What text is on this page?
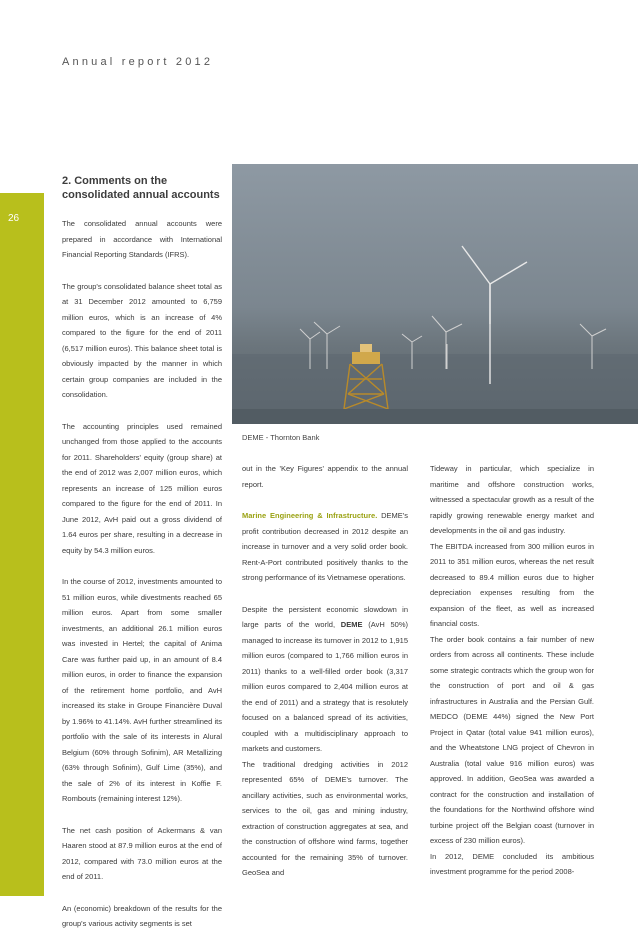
Annual report 2012

26

DEME - Thornton Bank

2. Comments on the consolidated annual accounts

The consolidated annual accounts were prepared in accordance with International Financial Reporting Standards (IFRS).

The group's consolidated balance sheet total as at 31 December 2012 amounted to 6,759 million euros, which is an increase of 4% compared to the figure for the end of 2011 (6,517 million euros). This balance sheet total is obviously impacted by the manner in which certain group companies are included in the consolidation.

The accounting principles used remained unchanged from those applied to the accounts for 2011. Shareholders' equity (group share) at the end of 2012 was 2,007 million euros, which represents an increase of 125 million euros compared to the figure for the end of 2011. In June 2012, AvH paid out a gross dividend of 1.64 euros per share, resulting in a decrease in equity by 54.3 million euros.

In the course of 2012, investments amounted to 51 million euros, while divestments reached 65 million euros. Apart from some smaller investments, an additional 26.1 million euros was invested in Hertel; the capital of Anima Care was further paid up, in an amount of 8.4 million euros, in order to finance the expansion of the retirement home portfolio, and AvH increased its stake in Groupe Financière Duval by 1.96% to 41.14%. AvH further streamlined its portfolio with the sale of its interests in Alural Belgium (60% through Sofinim), AR Metallizing (63% through Sofinim), Gulf Lime (35%), and the sale of 2% of its interest in Koffie F. Rombouts (remaining interest 12%).

The net cash position of Ackermans & van Haaren stood at 87.9 million euros at the end of 2012, compared with 73.0 million euros at the end of 2011.

An (economic) breakdown of the results for the group's various activity segments is set

out in the 'Key Figures' appendix to the annual report.

Marine Engineering & Infrastructure. DEME's profit contribution decreased in 2012 despite an increase in turnover and a very solid order book. Rent-A-Port contributed positively thanks to the strong performance of its Vietnamese operations.

Despite the persistent economic slowdown in large parts of the world, DEME (AvH 50%) managed to increase its turnover in 2012 to 1,915 million euros (compared to 1,766 million euros in 2011) thanks to a well-filled order book (3,317 million euros compared to 2,404 million euros at the end of 2011) and a strategy that is resolutely focused on a balanced spread of its activities, coupled with a multidisciplinary approach to markets and customers.

The traditional dredging activities in 2012 represented 65% of DEME's turnover. The ancillary activities, such as environmental works, services to the oil, gas and mining industry, extraction of construction aggregates at sea, and the construction of offshore wind farms, together accounted for the remaining 35% of turnover. GeoSea and

Tideway in particular, which specialize in maritime and offshore construction works, witnessed a spectacular growth as a result of the rapidly growing renewable energy market and developments in the oil and gas industry.

The EBITDA increased from 300 million euros in 2011 to 351 million euros, whereas the net result decreased to 89.4 million euros due to higher depreciation expenses resulting from the expansion of the fleet, as well as increased financial costs.

The order book contains a fair number of new orders from across all continents. These include some strategic contracts which the group won for the construction of port and oil & gas infrastructures in Australia and the Persian Gulf. MEDCO (DEME 44%) signed the New Port Project in Qatar (total value 941 million euros), and the Wheatstone LNG project of Chevron in Australia (total value 916 million euros) was approved. In addition, GeoSea was awarded a contract for the construction and installation of the foundations for the Northwind offshore wind turbine project off the Belgian coast (turnover in excess of 230 million euros).

In 2012, DEME concluded its ambitious investment programme for the period 2008-
